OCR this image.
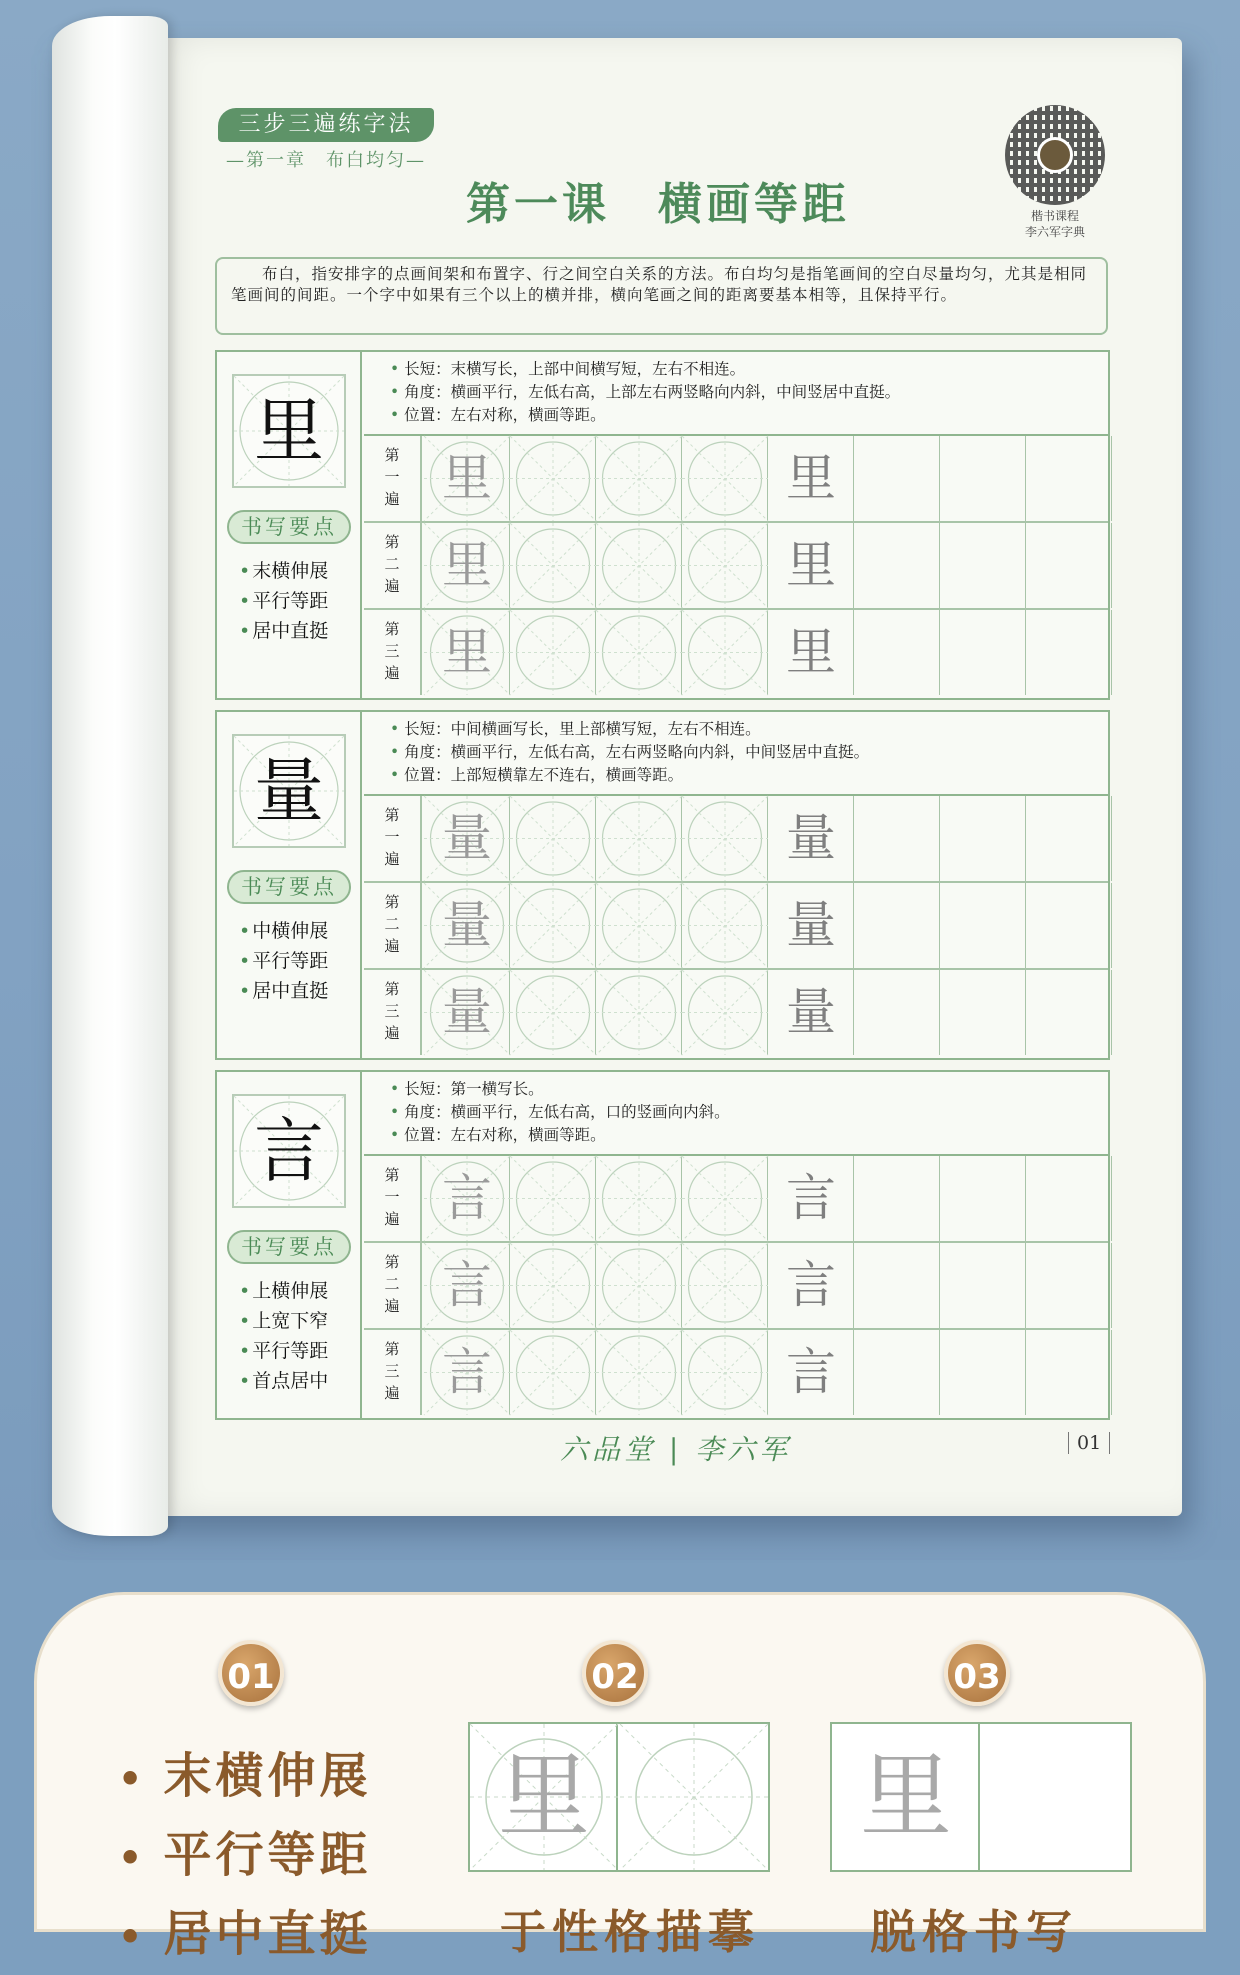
三步三遍练字法
—第一章　布白均匀—
第一课　横画等距	楷书课程
李六军字典
布白，指安排字的点画间架和布置字、行之间空白关系的方法。布白均匀是指笔画间的空白尽量均匀，尤其是相同笔画间的间距。一个字中如果有三个以上的横并排，横向笔画之间的距离要基本相等，且保持平行。
里
书写要点
• 末横伸展
• 平行等距
• 居中直挺
• 长短：末横写长，上部中间横写短，左右不相连。
• 角度：横画平行，左低右高，上部左右两竖略向内斜，中间竖居中直挺。
• 位置：左右对称，横画等距。
第
一
遍 里	里
第
二
遍 里	里
第
三
遍 里	里
量
书写要点
• 中横伸展
• 平行等距
• 居中直挺
• 长短：中间横画写长，里上部横写短，左右不相连。
• 角度：横画平行，左低右高，左右两竖略向内斜，中间竖居中直挺。
• 位置：上部短横靠左不连右，横画等距。
第
一
遍 量	量
第
二
遍 量	量
第
三
遍 量	量
言
书写要点
• 上横伸展
• 上宽下窄
• 平行等距
• 首点居中
• 长短：第一横写长。
• 角度：横画平行，左低右高，口的竖画向内斜。
• 位置：左右对称，横画等距。
第
一
遍 言	言
第
二
遍 言	言
第
三
遍 言	言
六品堂 | 李六军	01
01	02	03
• 末横伸展
• 平行等距
• 居中直挺
里	里
于性格描摹 脱格书写
